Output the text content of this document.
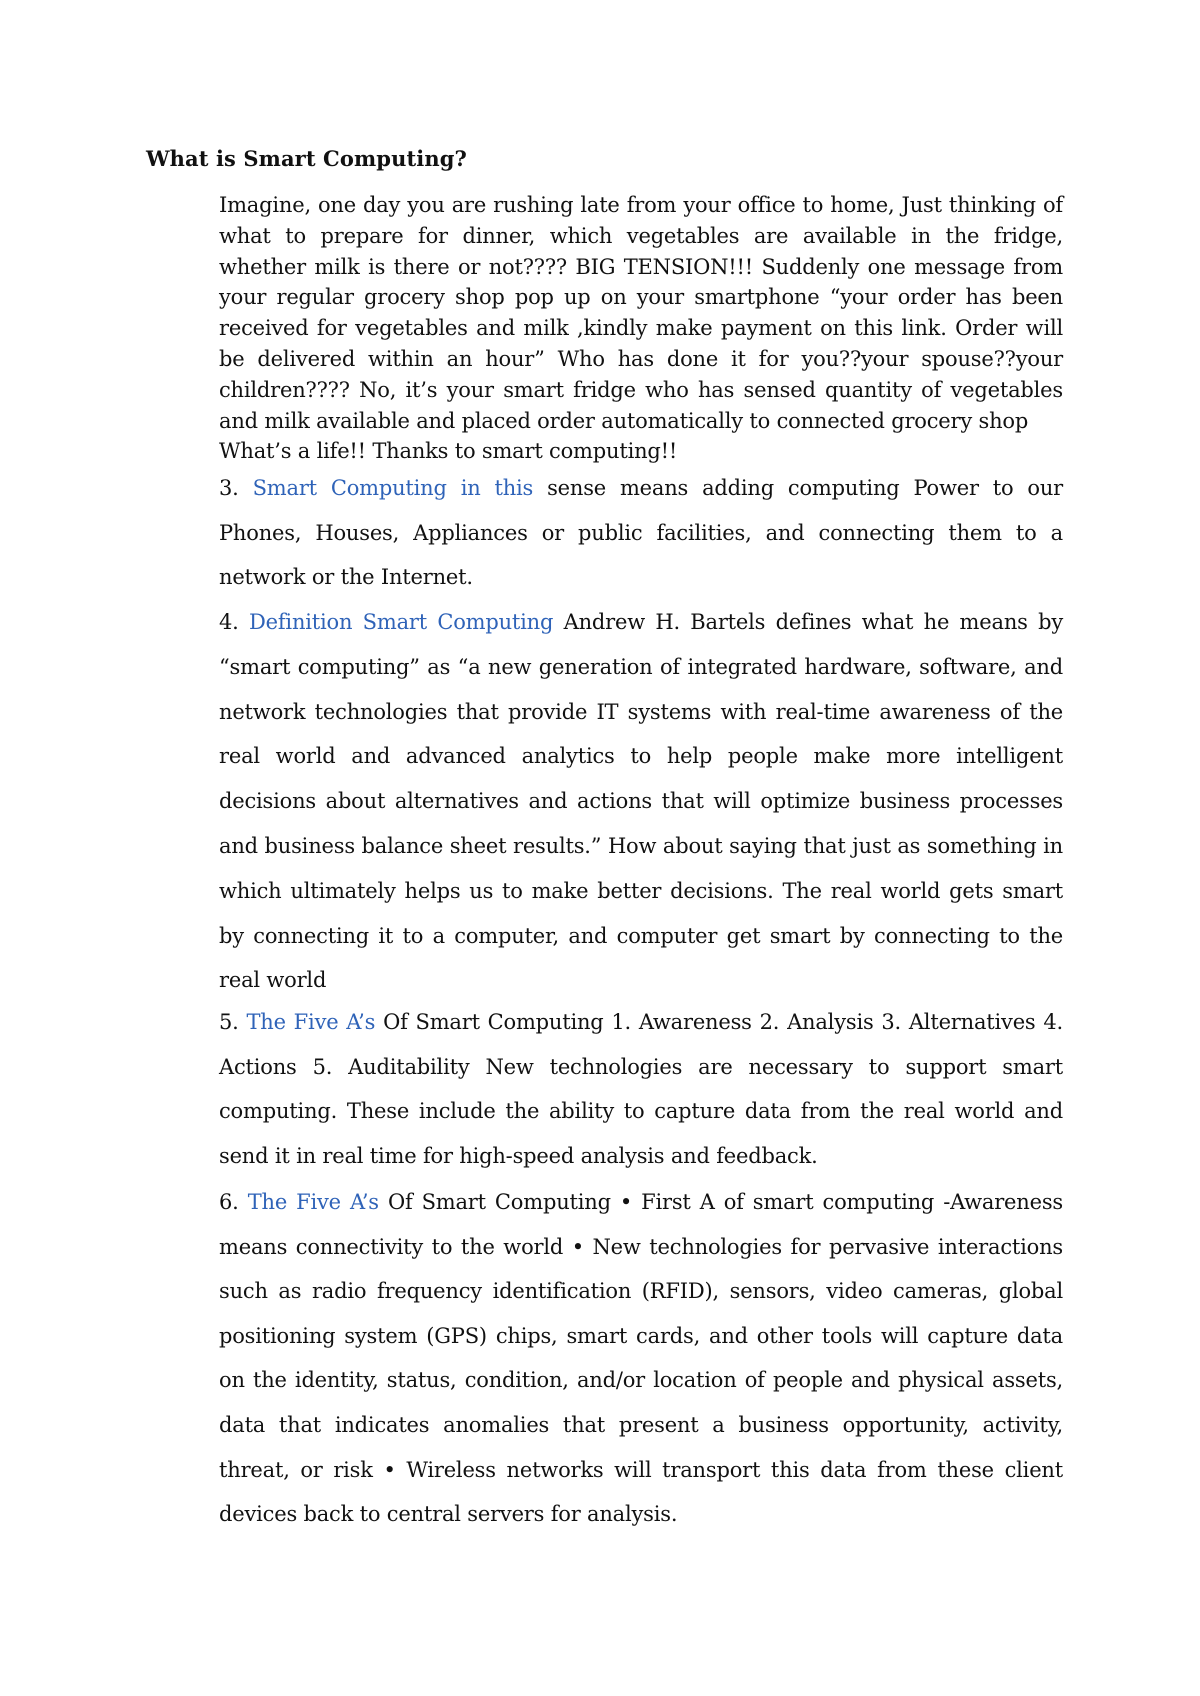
What is Smart Computing?
Imagine, one day you are rushing late from your office to home, Just thinking of what to prepare for dinner, which vegetables are available in the fridge, whether milk is there or not???? BIG TENSION!!! Suddenly one message from your regular grocery shop pop up on your smartphone “your order has been received for vegetables and milk ,kindly make payment on this link. Order will be delivered within an hour” Who has done it for you??your spouse??your children???? No, it’s your smart fridge who has sensed quantity of vegetables and milk available and placed order automatically to connected grocery shop
What’s a life!! Thanks to smart computing!!
3. Smart Computing in this sense means adding computing Power to our Phones, Houses, Appliances or public facilities, and connecting them to a network or the Internet.
4. Definition Smart Computing Andrew H. Bartels defines what he means by “smart computing” as “a new generation of integrated hardware, software, and network technologies that provide IT systems with real-time awareness of the real world and advanced analytics to help people make more intelligent decisions about alternatives and actions that will optimize business processes and business balance sheet results.” How about saying that just as something in which ultimately helps us to make better decisions. The real world gets smart by connecting it to a computer, and computer get smart by connecting to the real world
5. The Five A’s Of Smart Computing 1. Awareness 2. Analysis 3. Alternatives 4. Actions 5. Auditability New technologies are necessary to support smart computing. These include the ability to capture data from the real world and send it in real time for high-speed analysis and feedback.
6. The Five A’s Of Smart Computing • First A of smart computing -Awareness means connectivity to the world • New technologies for pervasive interactions such as radio frequency identification (RFID), sensors, video cameras, global positioning system (GPS) chips, smart cards, and other tools will capture data on the identity, status, condition, and/or location of people and physical assets, data that indicates anomalies that present a business opportunity, activity, threat, or risk • Wireless networks will transport this data from these client devices back to central servers for analysis.
